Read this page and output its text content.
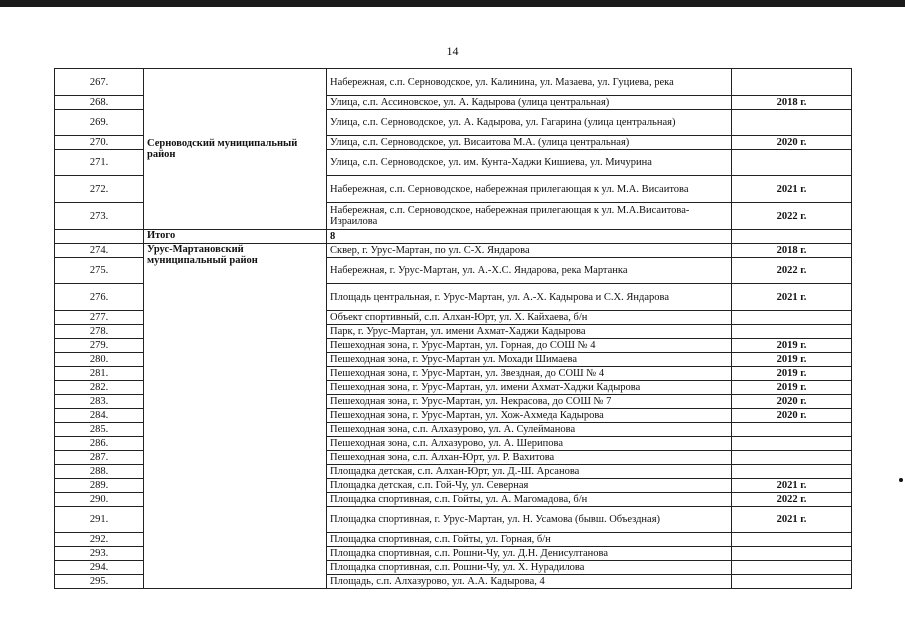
14
267.	Серноводский муниципальный район	Набережная, с.п. Серноводское, ул. Калинина, ул. Мазаева, ул. Гуциева, река	
268.		Улица, с.п. Ассиновское, ул. А. Кадырова (улица центральная)	2018 г.
269.		Улица, с.п. Серноводское, ул. А. Кадырова, ул. Гагарина (улица центральная)	
270.		Улица, с.п. Серноводское, ул. Висаитова М.А. (улица центральная)	2020 г.
271.		Улица, с.п. Серноводское, ул. им. Кунта-Хаджи Кишиева, ул. Мичурина	
272.		Набережная, с.п. Серноводское, набережная прилегающая к ул. М.А. Висаитова	2021 г.
273.		Набережная, с.п. Серноводское, набережная прилегающая к ул. М.А.Висаитова- Израилова	2022 г.
	Итого	8	
274.	Урус-Мартановский муниципальный район	Сквер, г. Урус-Мартан, по ул. С-Х. Яндарова	2018 г.
275.		Набережная, г. Урус-Мартан, ул. А.-Х.С. Яндарова, река Мартанка	2022 г.
276.		Площадь центральная, г. Урус-Мартан, ул. А.-Х. Кадырова и С.Х. Яндарова	2021 г.
277.		Объект спортивный, с.п. Алхан-Юрт, ул. Х. Кайхаева, б/н	
278.		Парк, г. Урус-Мартан, ул. имени Ахмат-Хаджи Кадырова	
279.		Пешеходная зона, г. Урус-Мартан, ул. Горная, до СОШ № 4	2019 г.
280.		Пешеходная зона, г. Урус-Мартан ул. Мохади Шимаева	2019 г.
281.		Пешеходная зона, г. Урус-Мартан, ул. Звездная, до СОШ № 4	2019 г.
282.		Пешеходная зона, г. Урус-Мартан, ул. имени Ахмат-Хаджи Кадырова	2019 г.
283.		Пешеходная зона, г. Урус-Мартан, ул. Некрасова, до СОШ № 7	2020 г.
284.		Пешеходная зона, г. Урус-Мартан, ул. Хож-Ахмеда Кадырова	2020 г.
285.		Пешеходная зона, с.п. Алхазурово, ул. А. Сулейманова	
286.		Пешеходная зона, с.п. Алхазурово, ул. А. Шерипова	
287.		Пешеходная зона, с.п. Алхан-Юрт, ул. Р. Вахитова	
288.		Площадка детская, с.п. Алхан-Юрт, ул. Д.-Ш. Арсанова	
289.		Площадка детская, с.п. Гой-Чу, ул. Северная	2021 г.
290.		Площадка спортивная, с.п. Гойты, ул. А. Магомадова, б/н	2022 г.
291.		Площадка спортивная, г. Урус-Мартан, ул. Н. Усамова (бывш. Объездная)	2021 г.
292.		Площадка спортивная, с.п. Гойты, ул. Горная, б/н	
293.		Площадка спортивная, с.п. Рошни-Чу, ул. Д.Н. Денисултанова	
294.		Площадка спортивная, с.п. Рошни-Чу, ул. Х. Нурадилова	
295.		Площадь, с.п. Алхазурово, ул. А.А. Кадырова, 4	
